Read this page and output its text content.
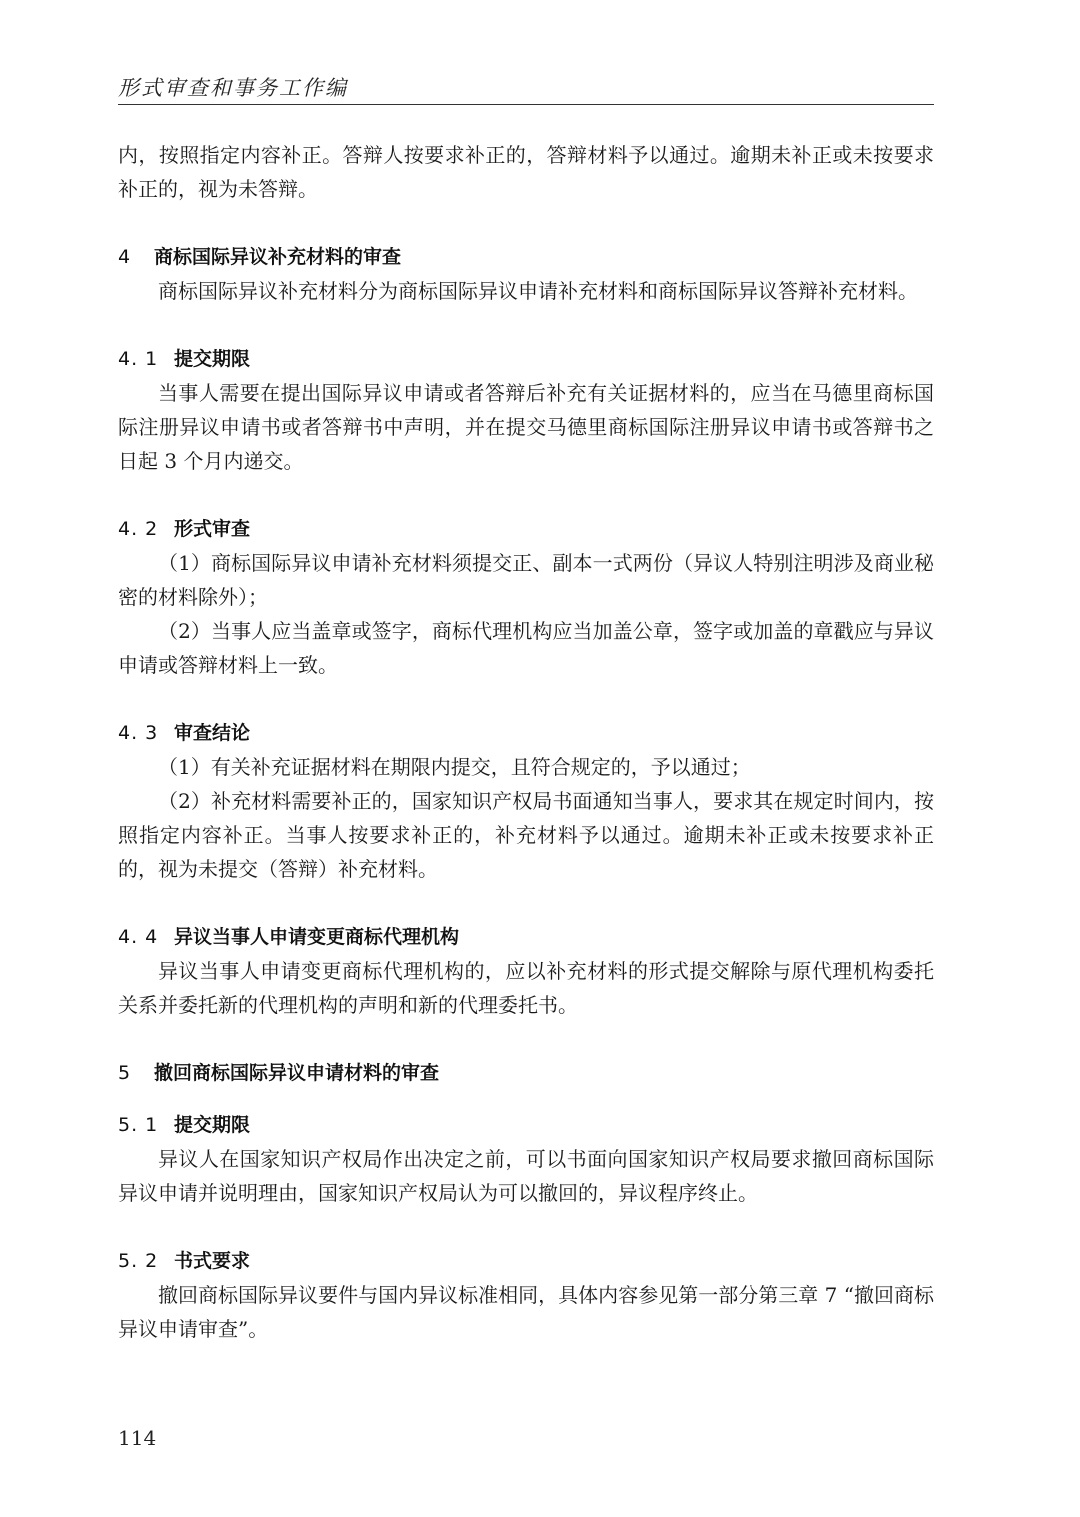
形式审查和事务工作编

内，按照指定内容补正。答辩人按要求补正的，答辩材料予以通过。逾期未补正或未按要求补正的，视为未答辩。

4 商标国际异议补充材料的审查

商标国际异议补充材料分为商标国际异议申请补充材料和商标国际异议答辩补充材料。

4. 1 提交期限

当事人需要在提出国际异议申请或者答辩后补充有关证据材料的，应当在马德里商标国际注册异议申请书或者答辩书中声明，并在提交马德里商标国际注册异议申请书或答辩书之日起 3 个月内递交。

4. 2 形式审查

（1）商标国际异议申请补充材料须提交正、副本一式两份（异议人特别注明涉及商业秘密的材料除外）；

（2）当事人应当盖章或签字，商标代理机构应当加盖公章，签字或加盖的章戳应与异议申请或答辩材料上一致。

4. 3 审查结论

（1）有关补充证据材料在期限内提交，且符合规定的，予以通过；

（2）补充材料需要补正的，国家知识产权局书面通知当事人，要求其在规定时间内，按照指定内容补正。当事人按要求补正的，补充材料予以通过。逾期未补正或未按要求补正的，视为未提交（答辩）补充材料。

4. 4 异议当事人申请变更商标代理机构

异议当事人申请变更商标代理机构的，应以补充材料的形式提交解除与原代理机构委托关系并委托新的代理机构的声明和新的代理委托书。

5 撤回商标国际异议申请材料的审查
5. 1 提交期限

异议人在国家知识产权局作出决定之前，可以书面向国家知识产权局要求撤回商标国际异议申请并说明理由，国家知识产权局认为可以撤回的，异议程序终止。

5. 2 书式要求

撤回商标国际异议要件与国内异议标准相同，具体内容参见第一部分第三章 7 “撤回商标异议申请审查”。

114
